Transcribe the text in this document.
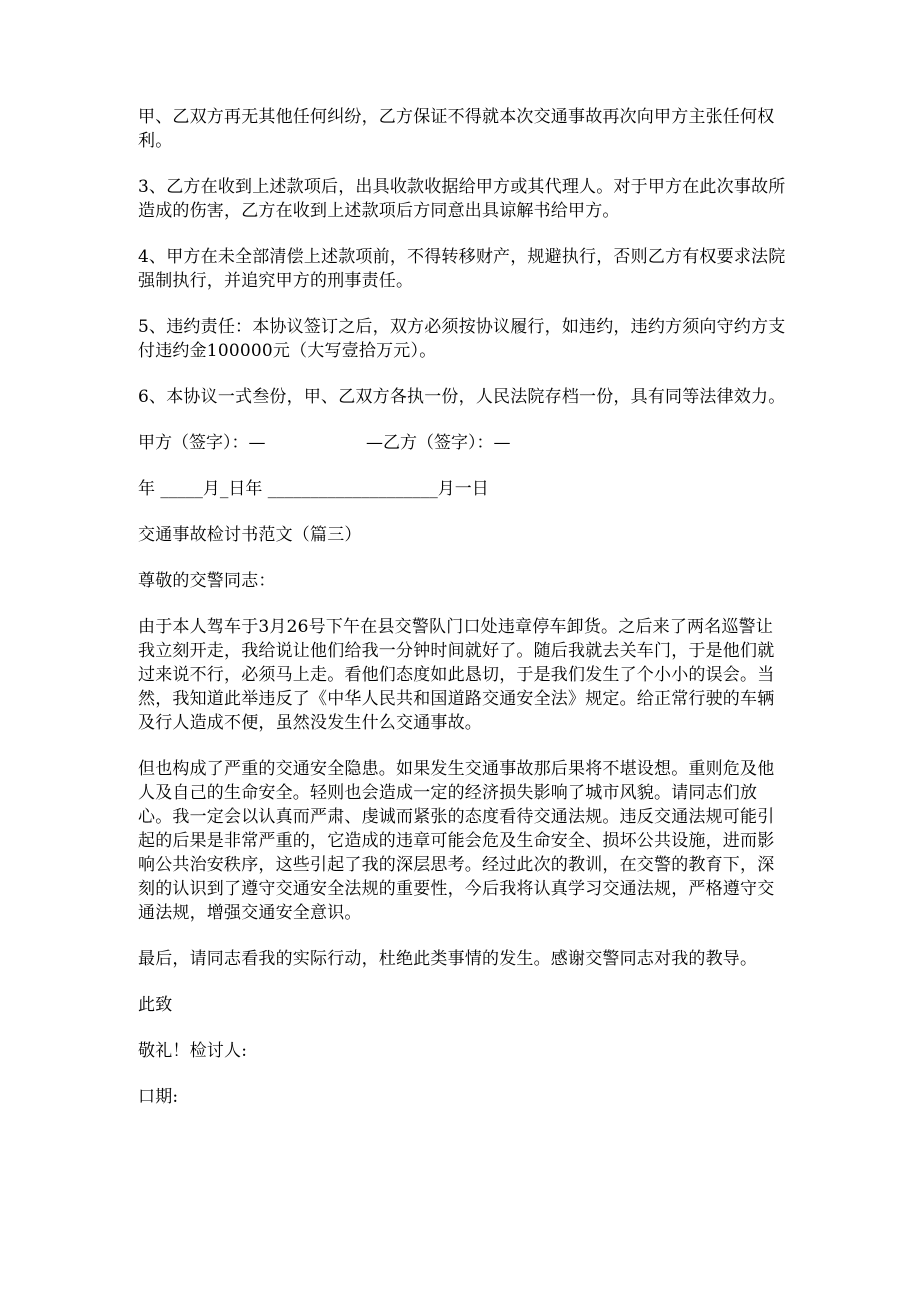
甲、乙双方再无其他任何纠纷，乙方保证不得就本次交通事故再次向甲方主张任何权利。

3、乙方在收到上述款项后，出具收款收据给甲方或其代理人。对于甲方在此次事故所造成的伤害，乙方在收到上述款项后方同意出具谅解书给甲方。

4、甲方在未全部清偿上述款项前，不得转移财产，规避执行，否则乙方有权要求法院强制执行，并追究甲方的刑事责任。

5、违约责任：本协议签订之后，双方必须按协议履行，如违约，违约方须向守约方支付违约金100000元（大写壹拾万元）。

6、本协议一式叁份，甲、乙双方各执一份，人民法院存档一份，具有同等法律效力。

甲方（签字）：—	—乙方（签字）：—
年 _____月_日年 ____________________月一日

交通事故检讨书范文（篇三）

尊敬的交警同志：

由于本人驾车于3月26号下午在县交警队门口处违章停车卸货。之后来了两名巡警让我立刻开走，我给说让他们给我一分钟时间就好了。随后我就去关车门，于是他们就过来说不行，必须马上走。看他们态度如此恳切，于是我们发生了个小小的误会。当然，我知道此举违反了《中华人民共和国道路交通安全法》规定。给正常行驶的车辆及行人造成不便，虽然没发生什么交通事故。

但也构成了严重的交通安全隐患。如果发生交通事故那后果将不堪设想。重则危及他人及自己的生命安全。轻则也会造成一定的经济损失影响了城市风貌。请同志们放心。我一定会以认真而严肃、虔诚而紧张的态度看待交通法规。违反交通法规可能引起的后果是非常严重的，它造成的违章可能会危及生命安全、损坏公共设施，进而影响公共治安秩序，这些引起了我的深层思考。经过此次的教训，在交警的教育下，深刻的认识到了遵守交通安全法规的重要性，今后我将认真学习交通法规，严格遵守交通法规，增强交通安全意识。

最后，请同志看我的实际行动，杜绝此类事情的发生。感谢交警同志对我的教导。

此致

敬礼！检讨人:

口期:
